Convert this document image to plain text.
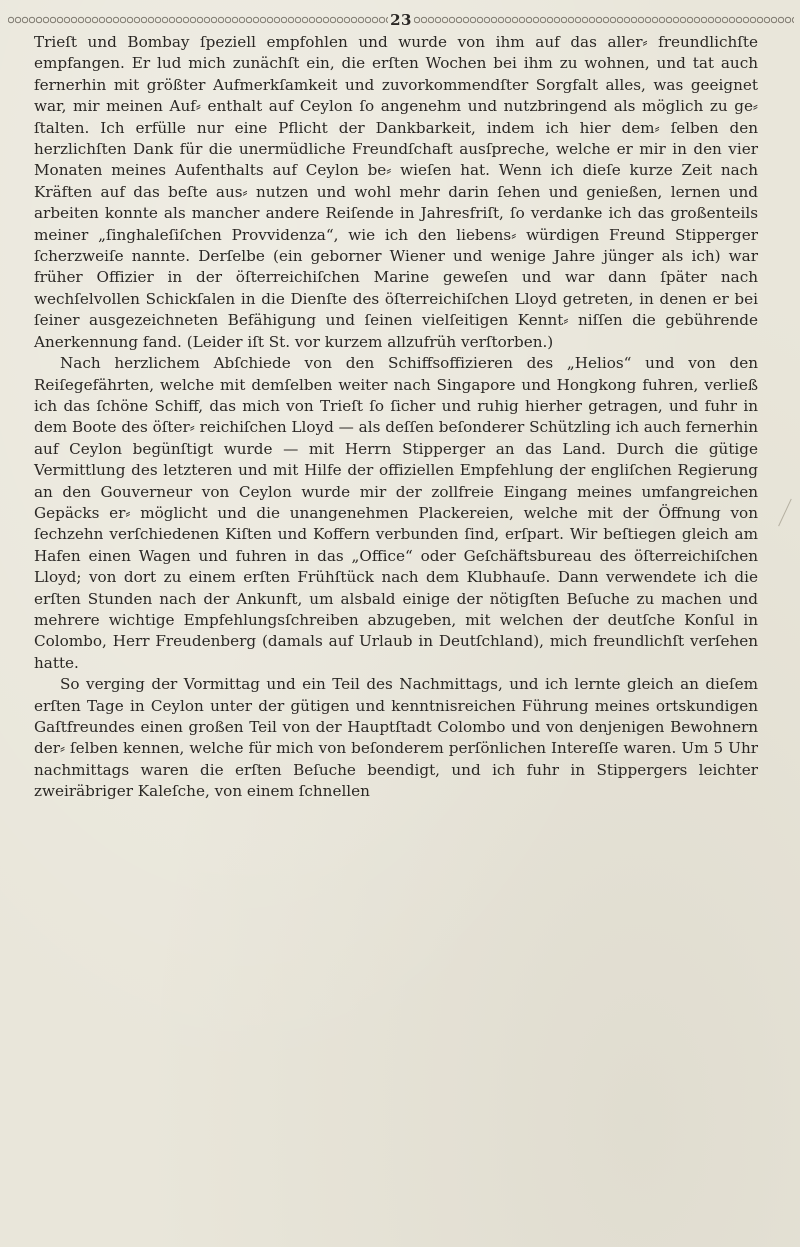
23

Trieſt und Bombay ſpeziell empfohlen und wurde von ihm auf das aller⸗ freundlichſte empfangen. Er lud mich zunächſt ein, die erſten Wochen bei ihm zu wohnen, und tat auch fernerhin mit größter Aufmerkſamkeit und zuvorkommendſter Sorgfalt alles, was geeignet war, mir meinen Auf⸗ enthalt auf Ceylon ſo angenehm und nutzbringend als möglich zu ge⸗ ſtalten. Ich erfülle nur eine Pflicht der Dankbarkeit, indem ich hier dem⸗ ſelben den herzlichſten Dank für die unermüdliche Freundſchaft ausſpreche, welche er mir in den vier Monaten meines Aufenthalts auf Ceylon be⸗ wieſen hat. Wenn ich dieſe kurze Zeit nach Kräften auf das beſte aus⸗ nutzen und wohl mehr darin ſehen und genießen, lernen und arbeiten konnte als mancher andere Reiſende in Jahresfriſt, ſo verdanke ich das großenteils meiner „ſinghaleſiſchen Provvidenza“, wie ich den liebens⸗ würdigen Freund Stipperger ſcherzweiſe nannte. Derſelbe (ein geborner Wiener und wenige Jahre jünger als ich) war früher Offizier in der öſterreichiſchen Marine geweſen und war dann ſpäter nach wechſelvollen Schickſalen in die Dienſte des öſterreichiſchen Lloyd getreten, in denen er bei ſeiner ausgezeichneten Befähigung und ſeinen vielſeitigen Kennt⸗ niſſen die gebührende Anerkennung fand. (Leider iſt St. vor kurzem allzufrüh verſtorben.)

Nach herzlichem Abſchiede von den Schiffsoffizieren des „Helios“ und von den Reiſegefährten, welche mit demſelben weiter nach Singapore und Hongkong fuhren, verließ ich das ſchöne Schiff, das mich von Trieſt ſo ſicher und ruhig hierher getragen, und fuhr in dem Boote des öſter⸗ reichiſchen Lloyd — als deſſen beſonderer Schützling ich auch fernerhin auf Ceylon begünſtigt wurde — mit Herrn Stipperger an das Land. Durch die gütige Vermittlung des letzteren und mit Hilfe der offiziellen Empfehlung der engliſchen Regierung an den Gouverneur von Ceylon wurde mir der zollfreie Eingang meines umfangreichen Gepäcks er⸗ möglicht und die unangenehmen Plackereien, welche mit der Öffnung von ſechzehn verſchiedenen Kiſten und Koffern verbunden ſind, erſpart. Wir beſtiegen gleich am Hafen einen Wagen und fuhren in das „Office“ oder Geſchäftsbureau des öſterreichiſchen Lloyd; von dort zu einem erſten Frühſtück nach dem Klubhauſe. Dann verwendete ich die erſten Stunden nach der Ankunft, um alsbald einige der nötigſten Beſuche zu machen und mehrere wichtige Empfehlungsſchreiben abzugeben, mit welchen der deutſche Konſul in Colombo, Herr Freudenberg (damals auf Urlaub in Deutſchland), mich freundlichſt verſehen hatte.

So verging der Vormittag und ein Teil des Nachmittags, und ich lernte gleich an dieſem erſten Tage in Ceylon unter der gütigen und kenntnisreichen Führung meines ortskundigen Gaſtfreundes einen großen Teil von der Hauptſtadt Colombo und von denjenigen Bewohnern der⸗ ſelben kennen, welche für mich von beſonderem perſönlichen Intereſſe waren. Um 5 Uhr nachmittags waren die erſten Beſuche beendigt, und ich fuhr in Stippergers leichter zweiräbriger Kaleſche, von einem ſchnellen
